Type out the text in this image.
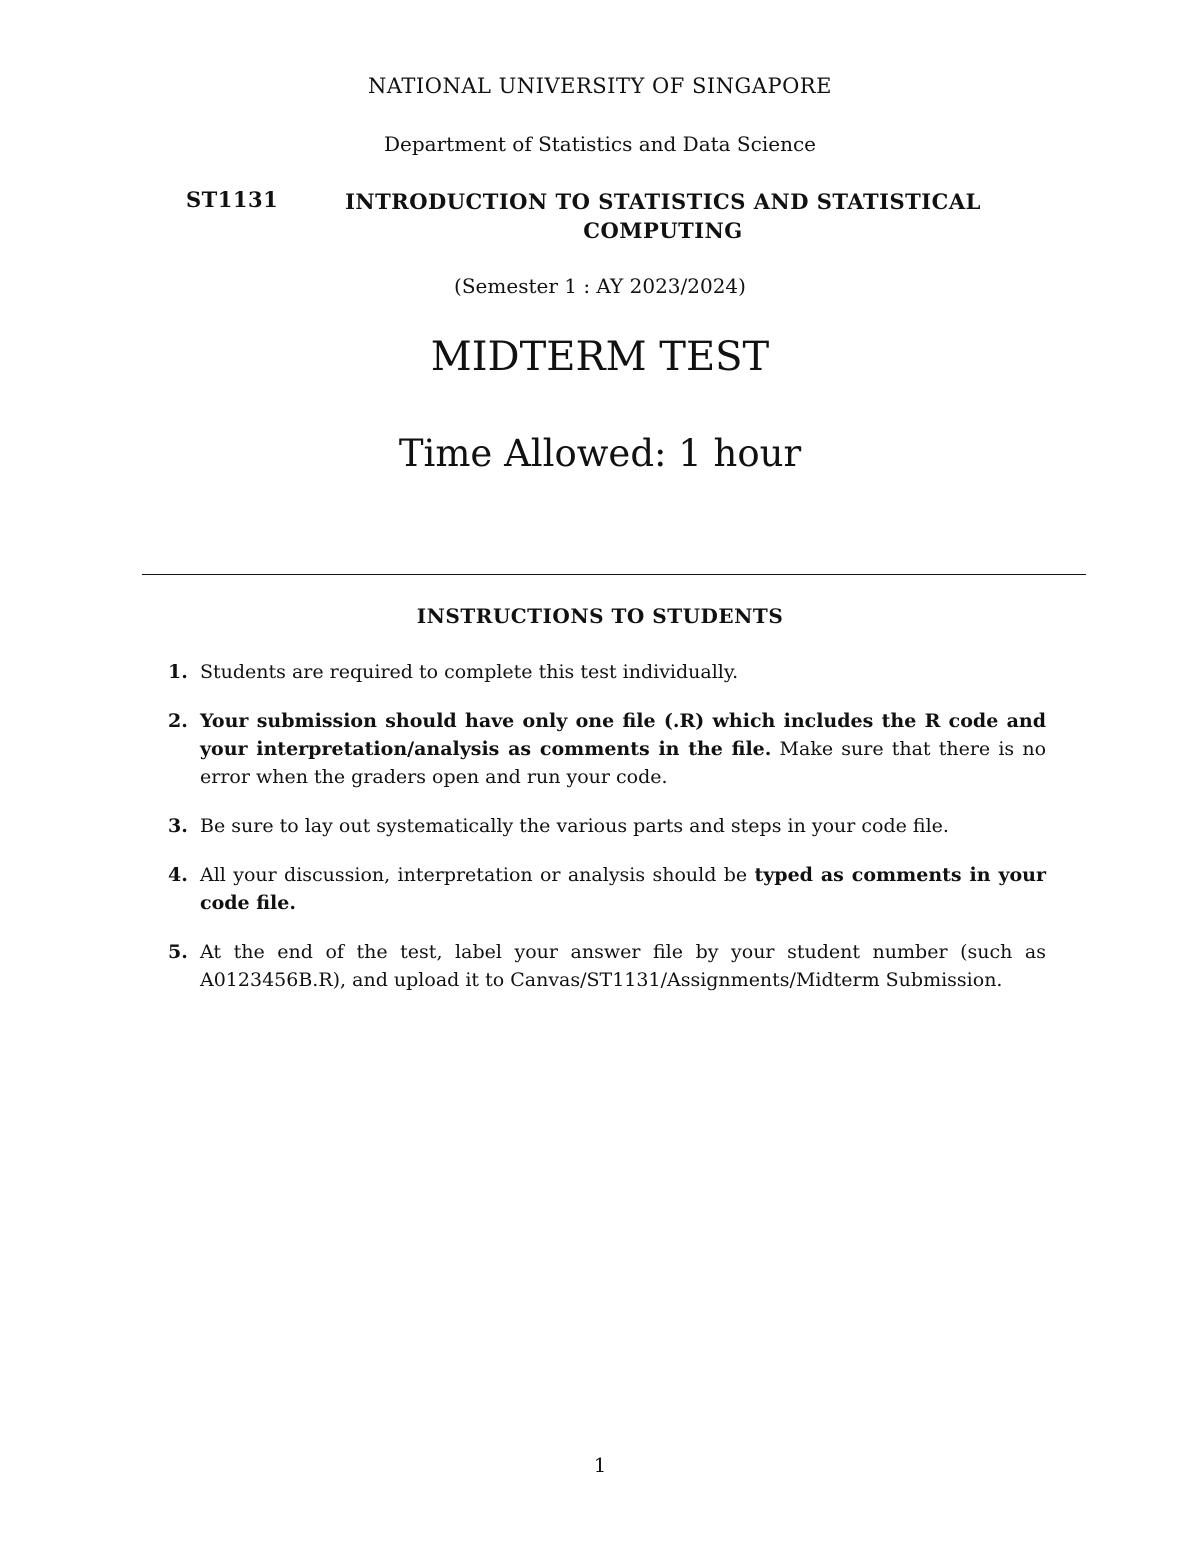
NATIONAL UNIVERSITY OF SINGAPORE
Department of Statistics and Data Science
ST1131	INTRODUCTION TO STATISTICS AND STATISTICAL COMPUTING
(Semester 1 : AY 2023/2024)
MIDTERM TEST
Time Allowed: 1 hour
INSTRUCTIONS TO STUDENTS
1. Students are required to complete this test individually.
2. Your submission should have only one file (.R) which includes the R code and your interpretation/analysis as comments in the file. Make sure that there is no error when the graders open and run your code.
3. Be sure to lay out systematically the various parts and steps in your code file.
4. All your discussion, interpretation or analysis should be typed as comments in your code file.
5. At the end of the test, label your answer file by your student number (such as A0123456B.R), and upload it to Canvas/ST1131/Assignments/Midterm Submission.
1
